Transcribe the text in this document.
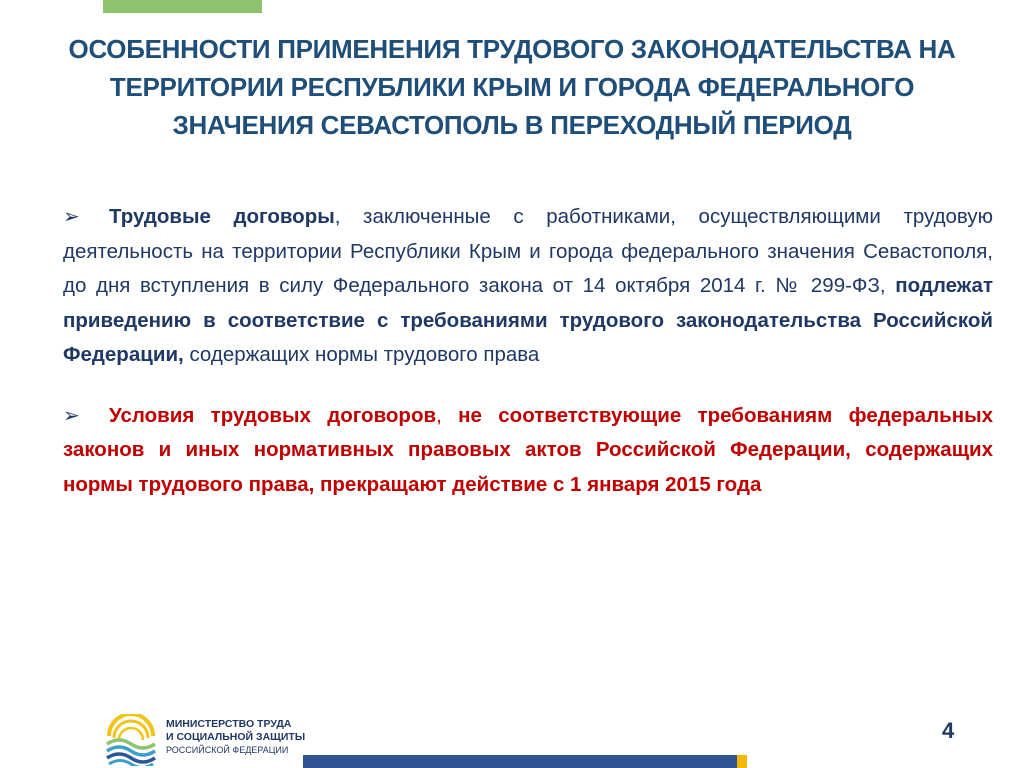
ОСОБЕННОСТИ ПРИМЕНЕНИЯ ТРУДОВОГО ЗАКОНОДАТЕЛЬСТВА НА ТЕРРИТОРИИ РЕСПУБЛИКИ КРЫМ И ГОРОДА ФЕДЕРАЛЬНОГО ЗНАЧЕНИЯ СЕВАСТОПОЛЬ В ПЕРЕХОДНЫЙ ПЕРИОД

➢ Трудовые договоры, заключенные с работниками, осуществляющими трудовую деятельность на территории Республики Крым и города федерального значения Севастополя, до дня вступления в силу Федерального закона от 14 октября 2014 г. № 299-ФЗ, подлежат приведению в соответствие с требованиями трудового законодательства Российской Федерации, содержащих нормы трудового права

➢ Условия трудовых договоров, не соответствующие требованиям федеральных законов и иных нормативных правовых актов Российской Федерации, содержащих нормы трудового права, прекращают действие с 1 января 2015 года

МИНИСТЕРСТВО ТРУДА
И СОЦИАЛЬНОЙ ЗАЩИТЫ
РОССИЙСКОЙ ФЕДЕРАЦИИ

4
